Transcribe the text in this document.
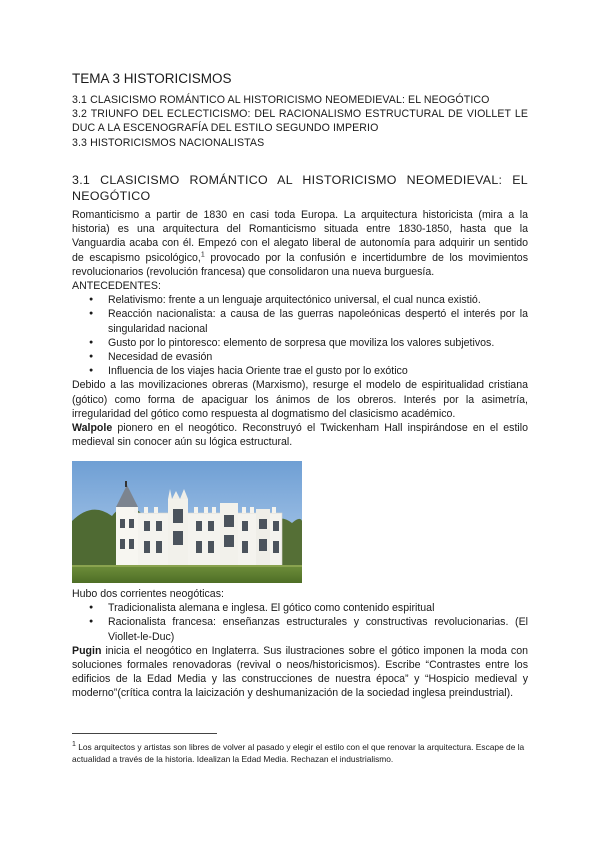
TEMA 3 HISTORICISMOS
3.1 CLASICISMO ROMÁNTICO AL HISTORICISMO NEOMEDIEVAL: EL NEOGÓTICO
3.2 TRIUNFO DEL ECLECTICISMO: DEL RACIONALISMO ESTRUCTURAL DE VIOLLET LE DUC A LA ESCENOGRAFÍA DEL ESTILO SEGUNDO IMPERIO
3.3 HISTORICISMOS NACIONALISTAS
3.1 CLASICISMO ROMÁNTICO AL HISTORICISMO NEOMEDIEVAL: EL NEOGÓTICO
Romanticismo a partir de 1830 en casi toda Europa. La arquitectura historicista (mira a la historia) es una arquitectura del Romanticismo situada entre 1830-1850, hasta que la Vanguardia acaba con él. Empezó con el alegato liberal de autonomía para adquirir un sentido de escapismo psicológico,$^1$ provocado por la confusión e incertidumbre de los movimientos revolucionarios (revolución francesa) que consolidaron una nueva burguesía.
ANTECEDENTES:
● Relativismo: frente a un lenguaje arquitectónico universal, el cual nunca existió.
● Reacción nacionalista: a causa de las guerras napoleónicas despertó el interés por la singularidad nacional
● Gusto por lo pintoresco: elemento de sorpresa que moviliza los valores subjetivos.
● Necesidad de evasión
● Influencia de los viajes hacia Oriente trae el gusto por lo exótico
Debido a las movilizaciones obreras (Marxismo), resurge el modelo de espiritualidad cristiana (gótico) como forma de apaciguar los ánimos de los obreros. Interés por la asimetría, irregularidad del gótico como respuesta al dogmatismo del clasicismo académico.
Walpole pionero en el neogótico. Reconstruyó el Twickenham Hall inspirándose en el estilo medieval sin conocer aún su lógica estructural.
Hubo dos corrientes neogóticas:
● Tradicionalista alemana e inglesa. El gótico como contenido espiritual
● Racionalista francesa: enseñanzas estructurales y constructivas revolucionarias. (El Viollet-le-Duc)
Pugin inicia el neogótico en Inglaterra. Sus ilustraciones sobre el gótico imponen la moda con soluciones formales renovadoras (revival o neos/historicismos). Escribe “Contrastes entre los edificios de la Edad Media y las construcciones de nuestra época” y “Hospicio medieval y moderno”(crítica contra la laicización y deshumanización de la sociedad inglesa preindustrial).
$^1$ Los arquitectos y artistas son libres de volver al pasado y elegir el estilo con el que renovar la arquitectura. Escape de la actualidad a través de la historia. Idealizan la Edad Media. Rechazan el industrialismo.
